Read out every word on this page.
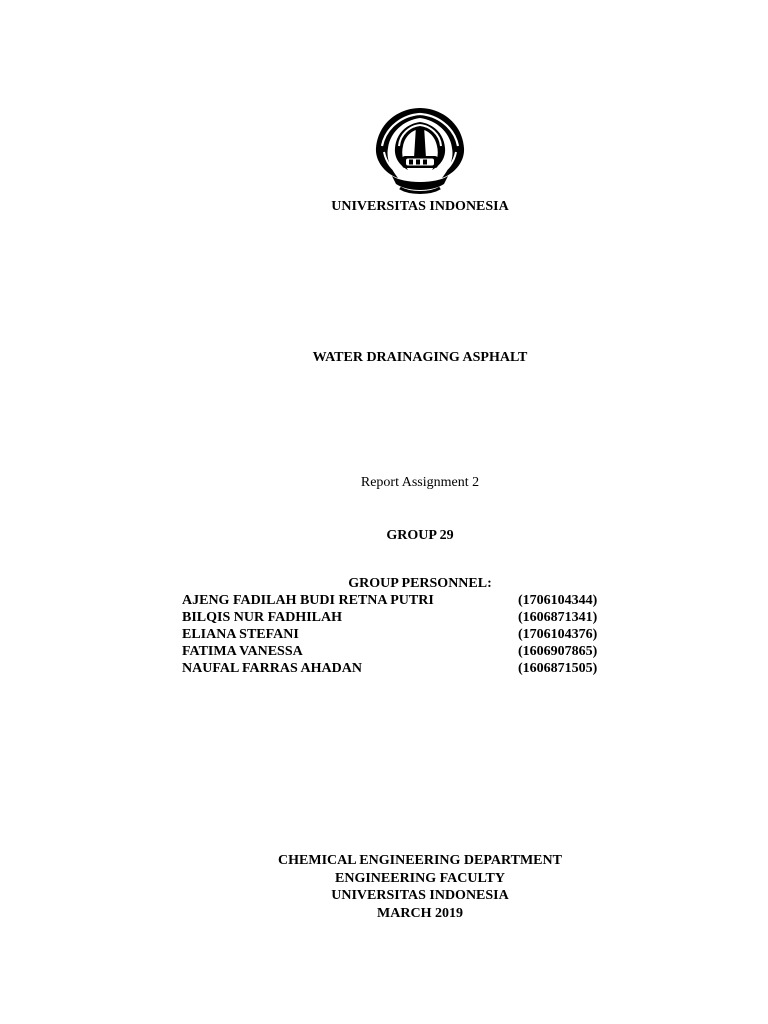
UNIVERSITAS INDONESIA
WATER DRAINAGING ASPHALT
Report Assignment 2
GROUP 29
GROUP PERSONNEL:
AJENG FADILAH BUDI RETNA PUTRI	(1706104344)
BILQIS NUR FADHILAH	(1606871341)
ELIANA STEFANI	(1706104376)
FATIMA VANESSA	(1606907865)
NAUFAL FARRAS AHADAN	(1606871505)
CHEMICAL ENGINEERING DEPARTMENT
ENGINEERING FACULTY
UNIVERSITAS INDONESIA
MARCH 2019
